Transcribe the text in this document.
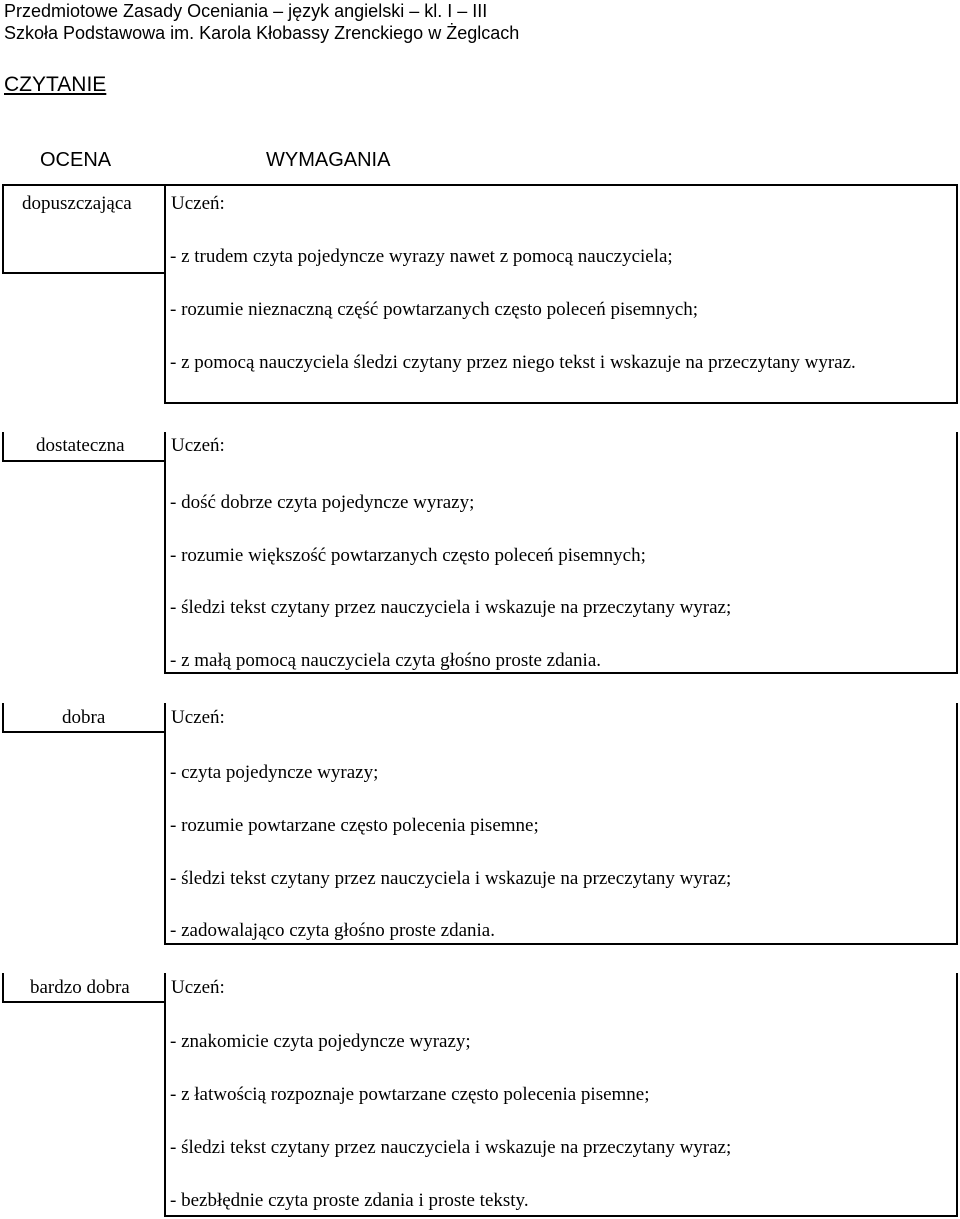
Przedmiotowe Zasady Oceniania – język angielski – kl. I – III
Szkoła Podstawowa im. Karola Kłobassy Zrenckiego w Żeglcach
CZYTANIE
OCENA	WYMAGANIA
dopuszczająca Uczeń:
- z trudem czyta pojedyncze wyrazy nawet z pomocą nauczyciela;
- rozumie nieznaczną część powtarzanych często poleceń pisemnych;
- z pomocą nauczyciela śledzi czytany przez niego tekst i wskazuje na przeczytany wyraz.
dostateczna Uczeń:
- dość dobrze czyta pojedyncze wyrazy;
- rozumie większość powtarzanych często poleceń pisemnych;
- śledzi tekst czytany przez nauczyciela i wskazuje na przeczytany wyraz;
- z małą pomocą nauczyciela czyta głośno proste zdania.
dobra	Uczeń:
- czyta pojedyncze wyrazy;
- rozumie powtarzane często polecenia pisemne;
- śledzi tekst czytany przez nauczyciela i wskazuje na przeczytany wyraz;
- zadowalająco czyta głośno proste zdania.
bardzo dobra Uczeń:
- znakomicie czyta pojedyncze wyrazy;
- z łatwością rozpoznaje powtarzane często polecenia pisemne;
- śledzi tekst czytany przez nauczyciela i wskazuje na przeczytany wyraz;
- bezbłędnie czyta proste zdania i proste teksty.
